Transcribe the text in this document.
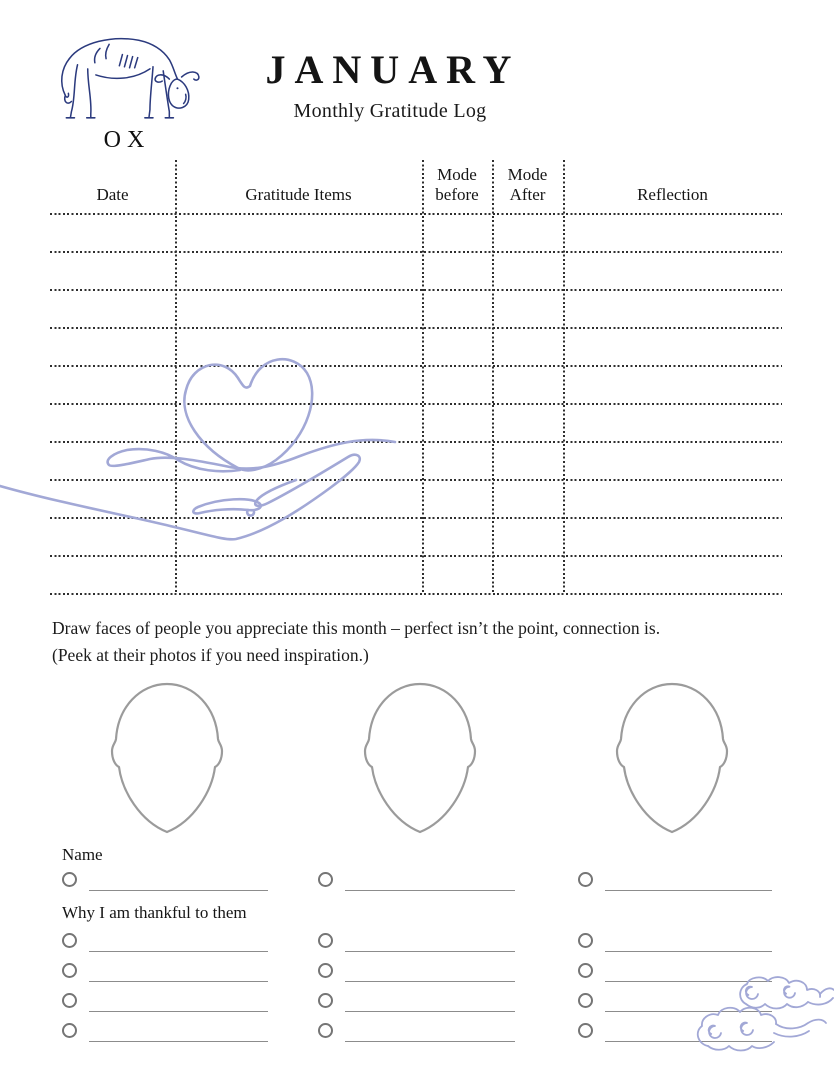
OX
JANUARY
Monthly Gratitude Log
Date	Gratitude Items
Mode
before
Mode
After	Reflection
Draw faces of people you appreciate this month – perfect isn’t the point, connection is.
(Peek at their photos if you need inspiration.)
Name
Why I am thankful to them
